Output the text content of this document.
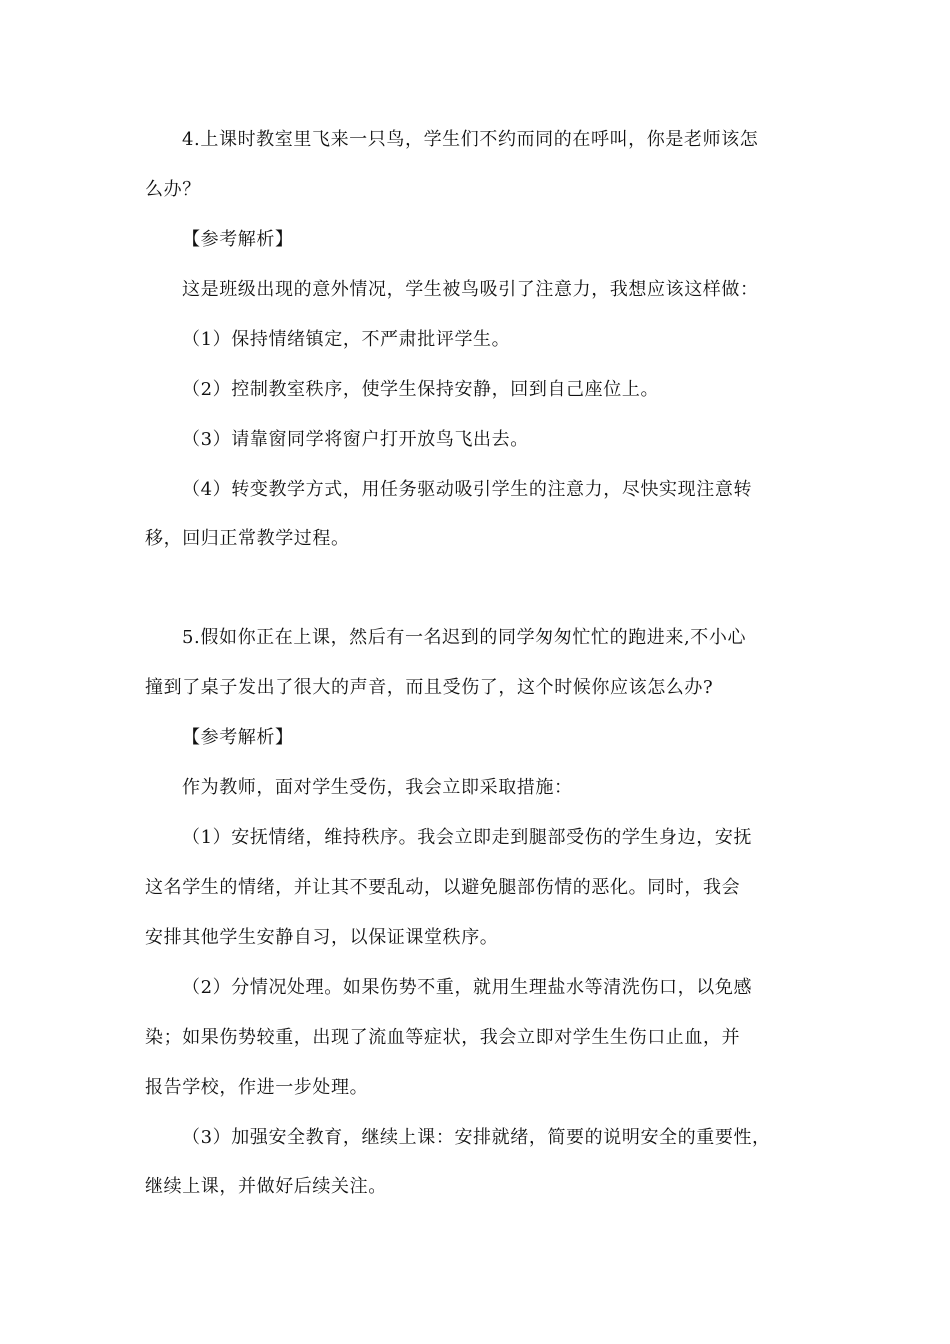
4.上课时教室里飞来一只鸟，学生们不约而同的在呼叫，你是老师该怎
么办？
【参考解析】
这是班级出现的意外情况，学生被鸟吸引了注意力，我想应该这样做：
（1）保持情绪镇定，不严肃批评学生。
（2）控制教室秩序，使学生保持安静，回到自己座位上。
（3）请靠窗同学将窗户打开放鸟飞出去。
（4）转变教学方式，用任务驱动吸引学生的注意力，尽快实现注意转
移，回归正常教学过程。
5.假如你正在上课，然后有一名迟到的同学匆匆忙忙的跑进来,不小心
撞到了桌子发出了很大的声音，而且受伤了，这个时候你应该怎么办?
【参考解析】
作为教师，面对学生受伤，我会立即采取措施：
（1）安抚情绪，维持秩序。我会立即走到腿部受伤的学生身边，安抚
这名学生的情绪，并让其不要乱动，以避免腿部伤情的恶化。同时，我会
安排其他学生安静自习，以保证课堂秩序。
（2）分情况处理。如果伤势不重，就用生理盐水等清洗伤口，以免感
染；如果伤势较重，出现了流血等症状，我会立即对学生生伤口止血，并
报告学校，作进一步处理。
（3）加强安全教育，继续上课：安排就绪，简要的说明安全的重要性，
继续上课，并做好后续关注。
